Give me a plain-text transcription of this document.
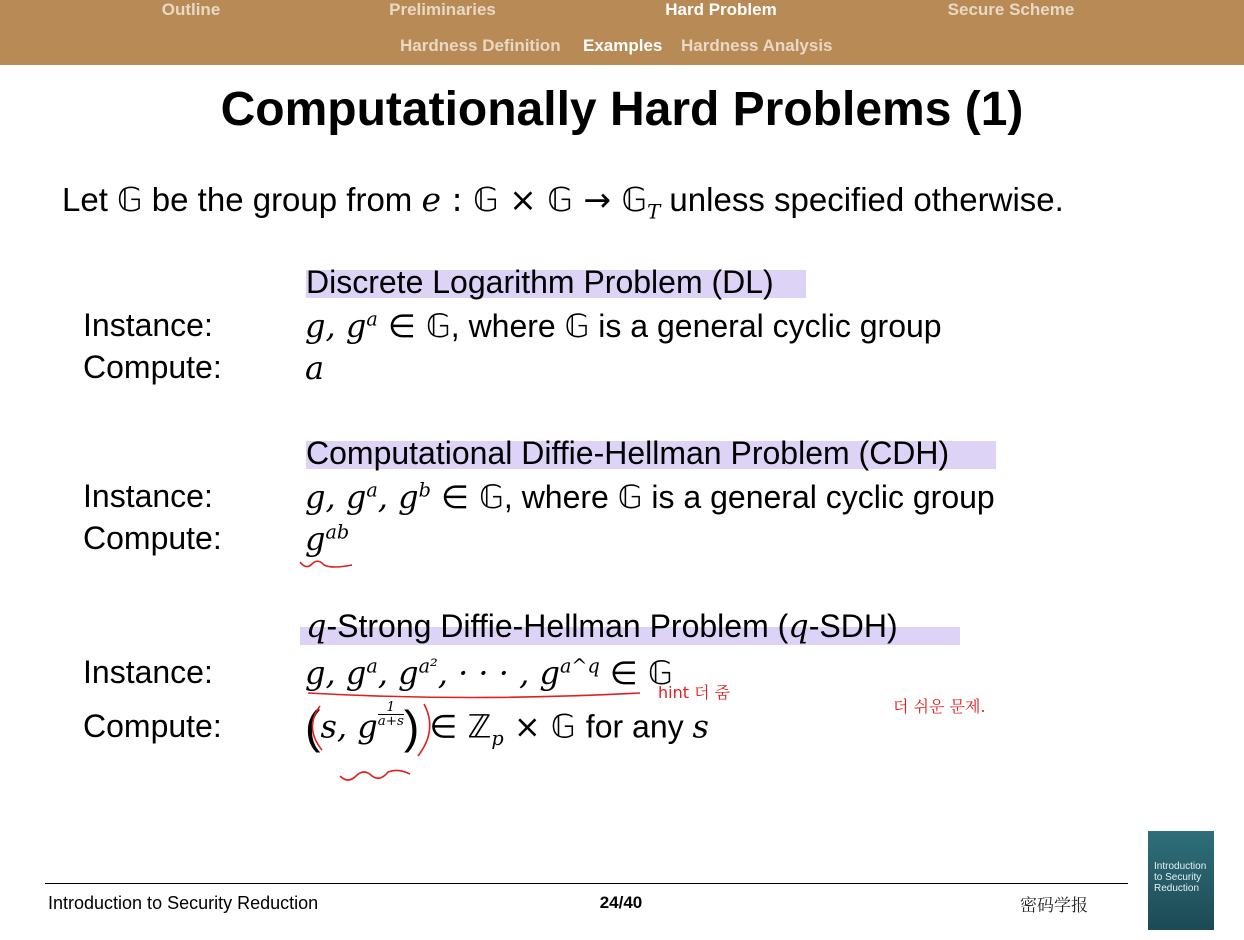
Outline	Preliminaries	Hard Problem	Secure Scheme
Hardness Definition Examples Hardness Analysis
Computationally Hard Problems (1)
Let 𝔾 be the group from e : 𝔾 × 𝔾 → 𝔾$_T$ unless specified otherwise.
Discrete Logarithm Problem (DL)
Instance:	g, $g^a$ ∈ 𝔾, where 𝔾 is a general cyclic group
Compute:	a
Computational Diffie-Hellman Problem (CDH)
Instance:	g, $g^a$, $g^b$ ∈ 𝔾, where 𝔾 is a general cyclic group
Compute:	$g^{ab}$
q-Strong Diffie-Hellman Problem (q-SDH)
Instance:	g, $g^a$, $g^{a^2}$, · · · , $g^{a\^{}q}$ ∈ 𝔾
Compute: (s, g $\frac{1}{a+s}$ ) ∈ ℤ$_p$ × 𝔾 for any s
hint 더 줌
더 쉬운 문제.
Introduction to Security Reduction	24/40	密码学报
Introduction to Security Reduction
